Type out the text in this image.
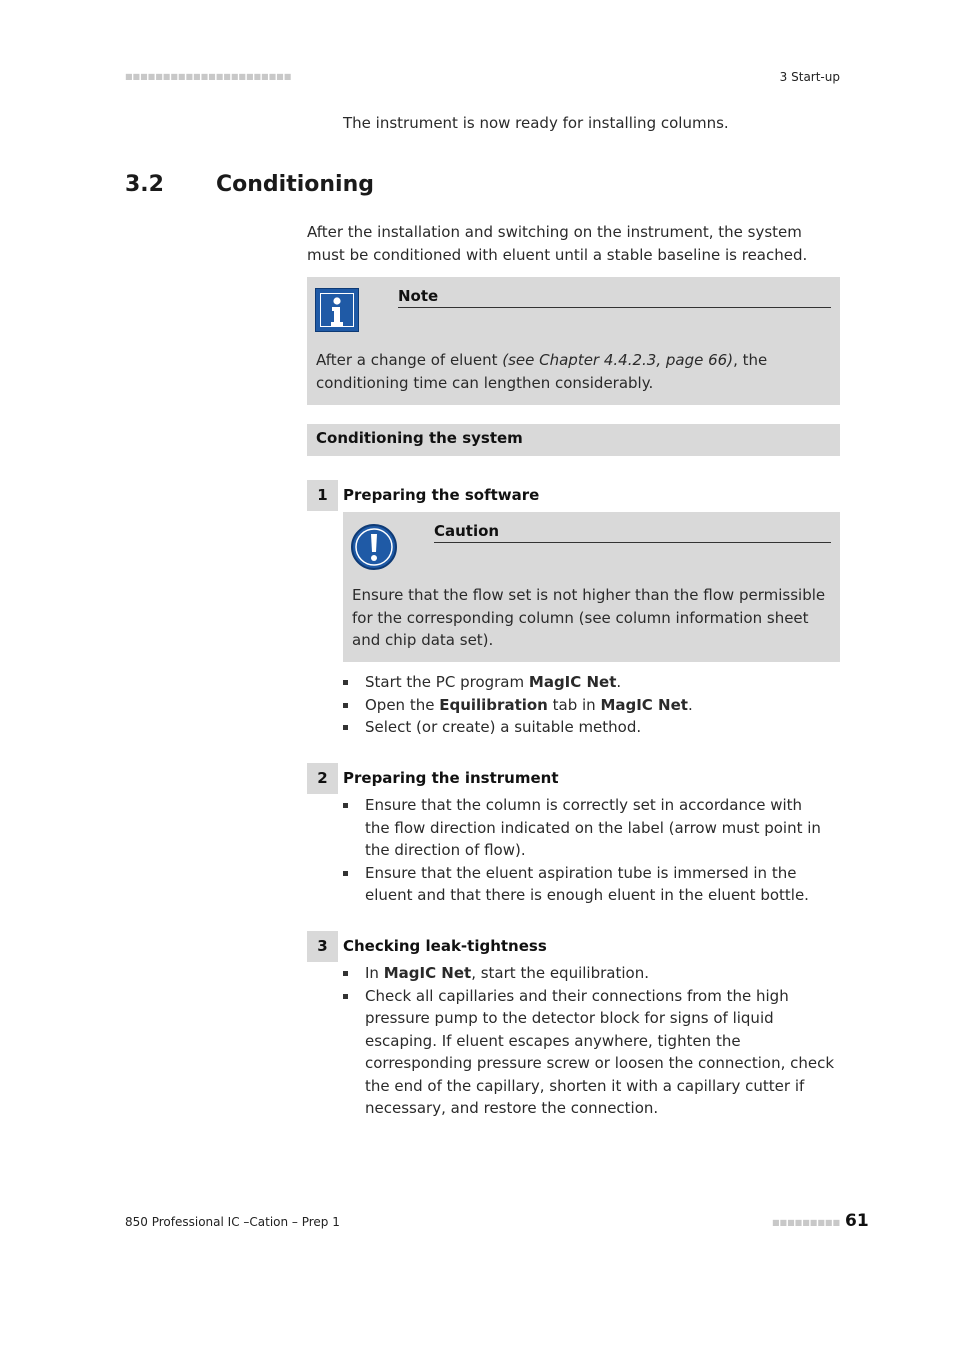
■■■■■■■■■■■■■■■■■■■■■■	3 Start-up
The instrument is now ready for installing columns.
3.2 Conditioning
After the installation and switching on the instrument, the system must be conditioned with eluent until a stable baseline is reached.
Note
After a change of eluent (see Chapter 4.4.2.3, page 66), the conditioning time can lengthen considerably.
Conditioning the system
1	Preparing the software
Caution
Ensure that the flow set is not higher than the flow permissible for the corresponding column (see column information sheet and chip data set).
Start the PC program MagIC Net.
Open the Equilibration tab in MagIC Net.
Select (or create) a suitable method.
2	Preparing the instrument
Ensure that the column is correctly set in accordance with the flow direction indicated on the label (arrow must point in the direction of flow).
Ensure that the eluent aspiration tube is immersed in the eluent and that there is enough eluent in the eluent bottle.
3	Checking leak-tightness
In MagIC Net, start the equilibration.
Check all capillaries and their connections from the high pressure pump to the detector block for signs of liquid escaping. If eluent escapes anywhere, tighten the corresponding pressure screw or loosen the connection, check the end of the capillary, shorten it with a capillary cutter if necessary, and restore the connection.
850 Professional IC –Cation – Prep 1	■■■■■■■■■ 61
